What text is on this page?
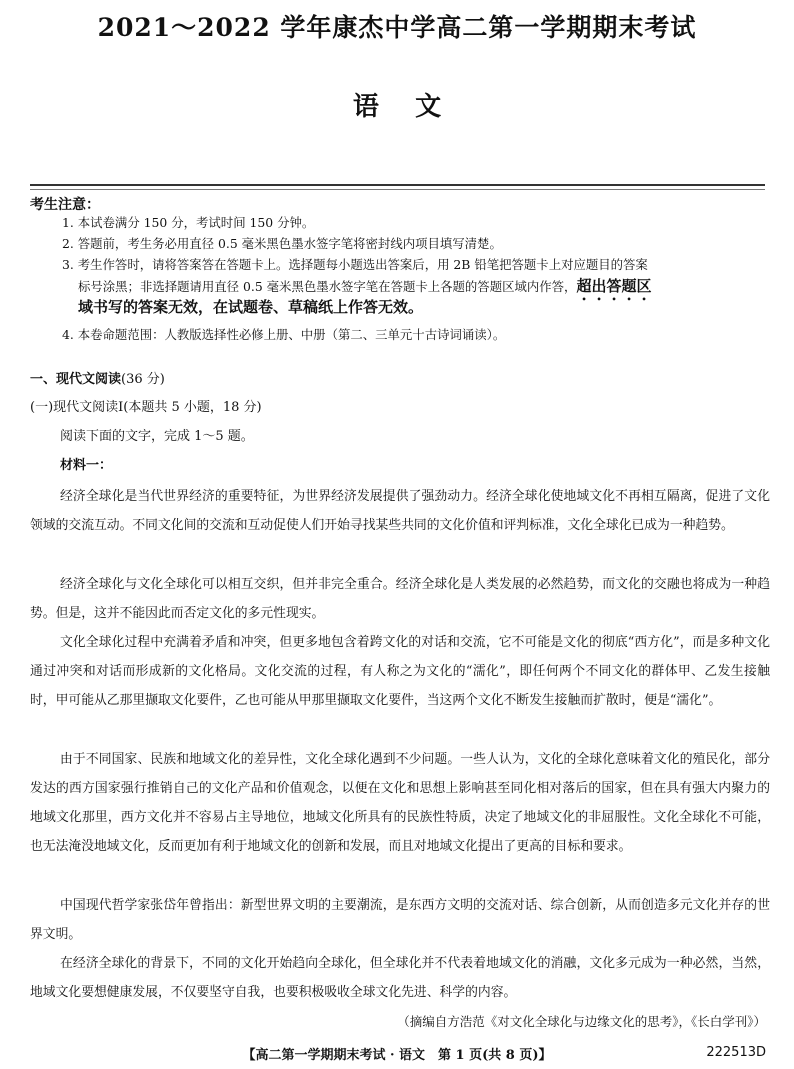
2021～2022 学年康杰中学高二第一学期期末考试
语    文
考生注意：
1. 本试卷满分 150 分，考试时间 150 分钟。
2. 答题前，考生务必用直径 0.5 毫米黑色墨水签字笔将密封线内项目填写清楚。
3. 考生作答时，请将答案答在答题卡上。选择题每小题选出答案后，用 2B 铅笔把答题卡上对应题目的答案
标号涂黑；非选择题请用直径 0.5 毫米黑色墨水签字笔在答题卡上各题的答题区域内作答，超出答题区
域书写的答案无效，在试题卷、草稿纸上作答无效。
4. 本卷命题范围：人教版选择性必修上册、中册（第二、三单元十古诗词诵读）。
一、现代文阅读(36 分)
(一)现代文阅读Ⅰ(本题共 5 小题，18 分)
阅读下面的文字，完成 1～5 题。
材料一：
经济全球化是当代世界经济的重要特征，为世界经济发展提供了强劲动力。经济全球化使地域文化不再相互隔离，促进了文化领域的交流互动。不同文化间的交流和互动促使人们开始寻找某些共同的文化价值和评判标准，文化全球化已成为一种趋势。
经济全球化与文化全球化可以相互交织，但并非完全重合。经济全球化是人类发展的必然趋势，而文化的交融也将成为一种趋势。但是，这并不能因此而否定文化的多元性现实。
文化全球化过程中充满着矛盾和冲突，但更多地包含着跨文化的对话和交流，它不可能是文化的彻底“西方化”，而是多种文化通过冲突和对话而形成新的文化格局。文化交流的过程，有人称之为文化的“濡化”，即任何两个不同文化的群体甲、乙发生接触时，甲可能从乙那里撷取文化要件，乙也可能从甲那里撷取文化要件，当这两个文化不断发生接触而扩散时，便是“濡化”。
由于不同国家、民族和地域文化的差异性，文化全球化遇到不少问题。一些人认为，文化的全球化意味着文化的殖民化，部分发达的西方国家强行推销自己的文化产品和价值观念，以便在文化和思想上影响甚至同化相对落后的国家，但在具有强大内聚力的地域文化那里，西方文化并不容易占主导地位，地域文化所具有的民族性特质，决定了地域文化的非屈服性。文化全球化不可能，也无法淹没地域文化，反而更加有利于地域文化的创新和发展，而且对地域文化提出了更高的目标和要求。
中国现代哲学家张岱年曾指出：新型世界文明的主要潮流，是东西方文明的交流对话、综合创新，从而创造多元文化并存的世界文明。
在经济全球化的背景下，不同的文化开始趋向全球化，但全球化并不代表着地域文化的消融，文化多元成为一种必然，当然，地域文化要想健康发展，不仅要坚守自我，也要积极吸收全球文化先进、科学的内容。
（摘编自方浩范《对文化全球化与边缘文化的思考》，《长白学刊》）
【高二第一学期期末考试 · 语文　第 1 页(共 8 页)】	222513D
